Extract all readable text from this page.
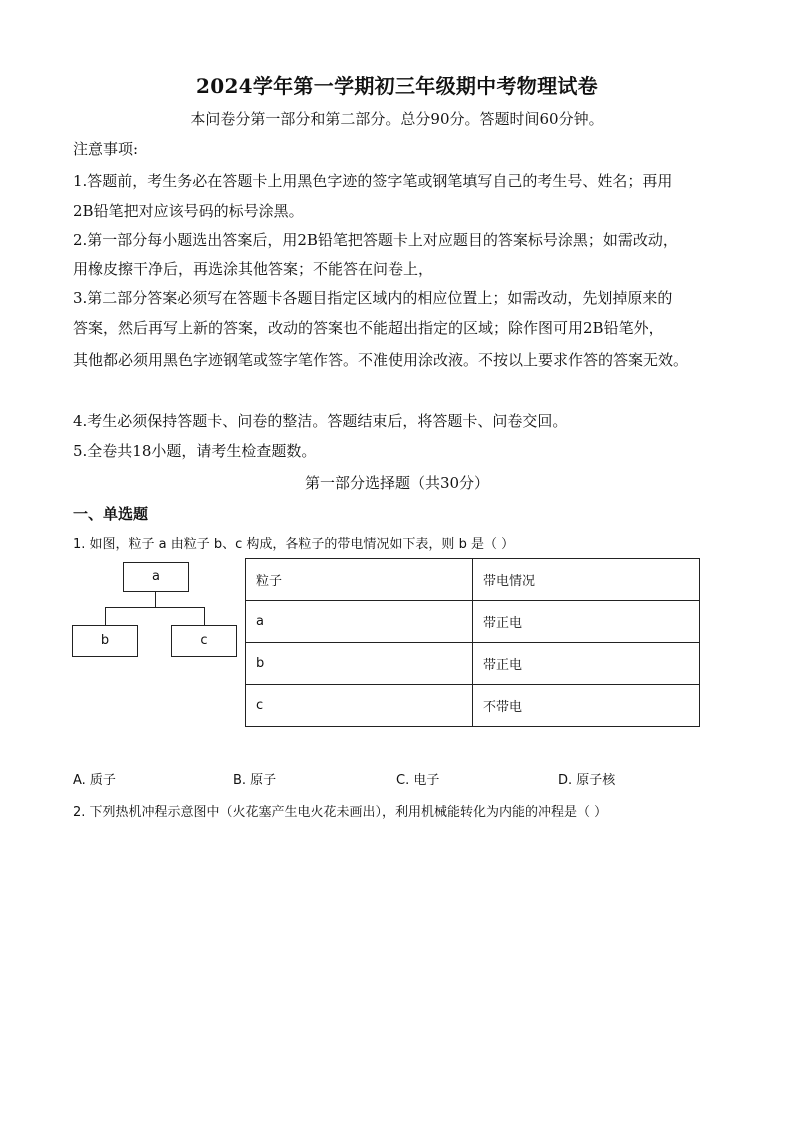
2024学年第一学期初三年级期中考物理试卷
本问卷分第一部分和第二部分。总分90分。答题时间60分钟。
注意事项:
1.答题前，考生务必在答题卡上用黑色字迹的签字笔或钢笔填写自己的考生号、姓名；再用
2B铅笔把对应该号码的标号涂黑。
2.第一部分每小题选出答案后，用2B铅笔把答题卡上对应题目的答案标号涂黑；如需改动，
用橡皮擦干净后，再选涂其他答案；不能答在问卷上，
3.第二部分答案必须写在答题卡各题目指定区域内的相应位置上；如需改动，先划掉原来的
答案，然后再写上新的答案，改动的答案也不能超出指定的区域；除作图可用2B铅笔外，
其他都必须用黑色字迹钢笔或签字笔作答。不准使用涂改液。不按以上要求作答的答案无效。
4.考生必须保持答题卡、问卷的整洁。答题结束后，将答题卡、问卷交回。
5.全卷共18小题，请考生检查题数。
第一部分选择题（共30分）
一、单选题
1. 如图，粒子 a 由粒子 b、c 构成，各粒子的带电情况如下表，则 b 是（ ）
a
b	c
粒子	带电情况
a	带正电
b	带正电
c	不带电
A. 质子	B. 原子	C. 电子	D. 原子核
2. 下列热机冲程示意图中（火花塞产生电火花未画出），利用机械能转化为内能的冲程是（ ）
